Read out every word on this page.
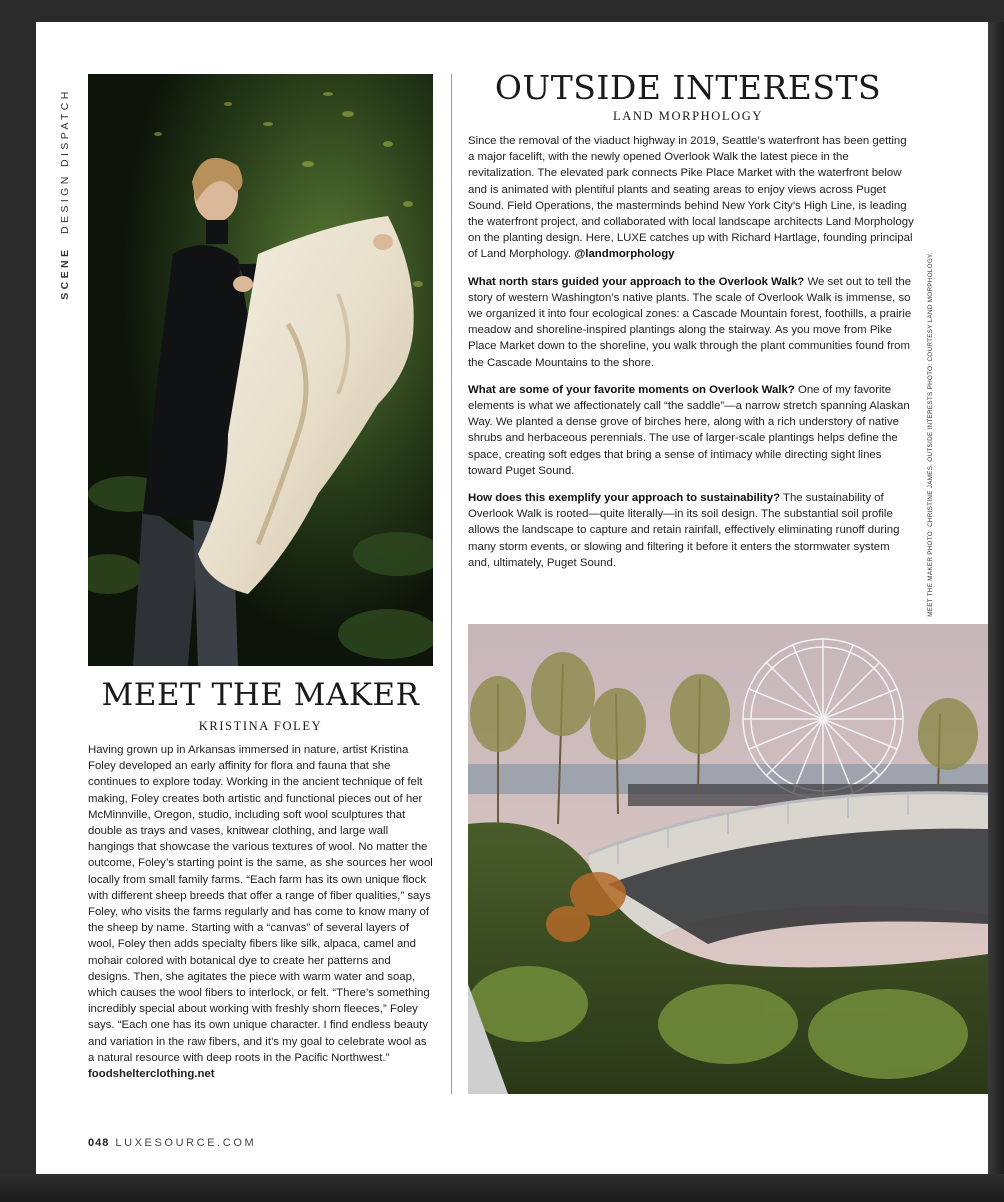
SCENE  DESIGN DISPATCH
OUTSIDE INTERESTS
LAND MORPHOLOGY

Since the removal of the viaduct highway in 2019, Seattle’s waterfront has been getting a major facelift, with the newly opened Overlook Walk the latest piece in the revitalization. The elevated park connects Pike Place Market with the waterfront below and is animated with plentiful plants and seating areas to enjoy views across Puget Sound. Field Operations, the masterminds behind New York City’s High Line, is leading the waterfront project, and collaborated with local landscape architects Land Morphology on the planting design. Here, LUXE catches up with Richard Hartlage, founding principal of Land Morphology. @landmorphology

What north stars guided your approach to the Overlook Walk? We set out to tell the story of western Washington’s native plants. The scale of Overlook Walk is immense, so we organized it into four ecological zones: a Cascade Mountain forest, foothills, a prairie meadow and shoreline-inspired plantings along the stairway. As you move from Pike Place Market down to the shoreline, you walk through the plant communities found from the Cascade Mountains to the shore.

What are some of your favorite moments on Overlook Walk? One of my favorite elements is what we affectionately call “the saddle”—a narrow stretch spanning Alaskan Way. We planted a dense grove of birches here, along with a rich understory of native shrubs and herbaceous perennials. The use of larger-scale plantings helps define the space, creating soft edges that bring a sense of intimacy while directing sight lines toward Puget Sound.

How does this exemplify your approach to sustainability? The sustainability of Overlook Walk is rooted—quite literally—in its soil design. The substantial soil profile allows the landscape to capture and retain rainfall, effectively eliminating runoff during many storm events, or slowing and filtering it before it enters the stormwater system and, ultimately, Puget Sound.	MEET THE MAKER PHOTO: CHRISTINE JAMES. OUTSIDE INTERESTS PHOTO: COURTESY LAND MORPHOLOGY.
MEET THE MAKER
KRISTINA FOLEY

Having grown up in Arkansas immersed in nature, artist Kristina Foley developed an early affinity for flora and fauna that she continues to explore today. Working in the ancient technique of felt making, Foley creates both artistic and functional pieces out of her McMinnville, Oregon, studio, including soft wool sculptures that double as trays and vases, knitwear clothing, and large wall hangings that showcase the various textures of wool. No matter the outcome, Foley’s starting point is the same, as she sources her wool locally from small family farms. “Each farm has its own unique flock with different sheep breeds that offer a range of fiber qualities,” says Foley, who visits the farms regularly and has come to know many of the sheep by name. Starting with a “canvas” of several layers of wool, Foley then adds specialty fibers like silk, alpaca, camel and mohair colored with botanical dye to create her patterns and designs. Then, she agitates the piece with warm water and soap, which causes the wool fibers to interlock, or felt. “There’s something incredibly special about working with freshly shorn fleeces,” Foley says. “Each one has its own unique character. I find endless beauty and variation in the raw fibers, and it’s my goal to celebrate wool as a natural resource with deep roots in the Pacific Northwest.” foodshelterclothing.net

048 LUXESOURCE.COM
